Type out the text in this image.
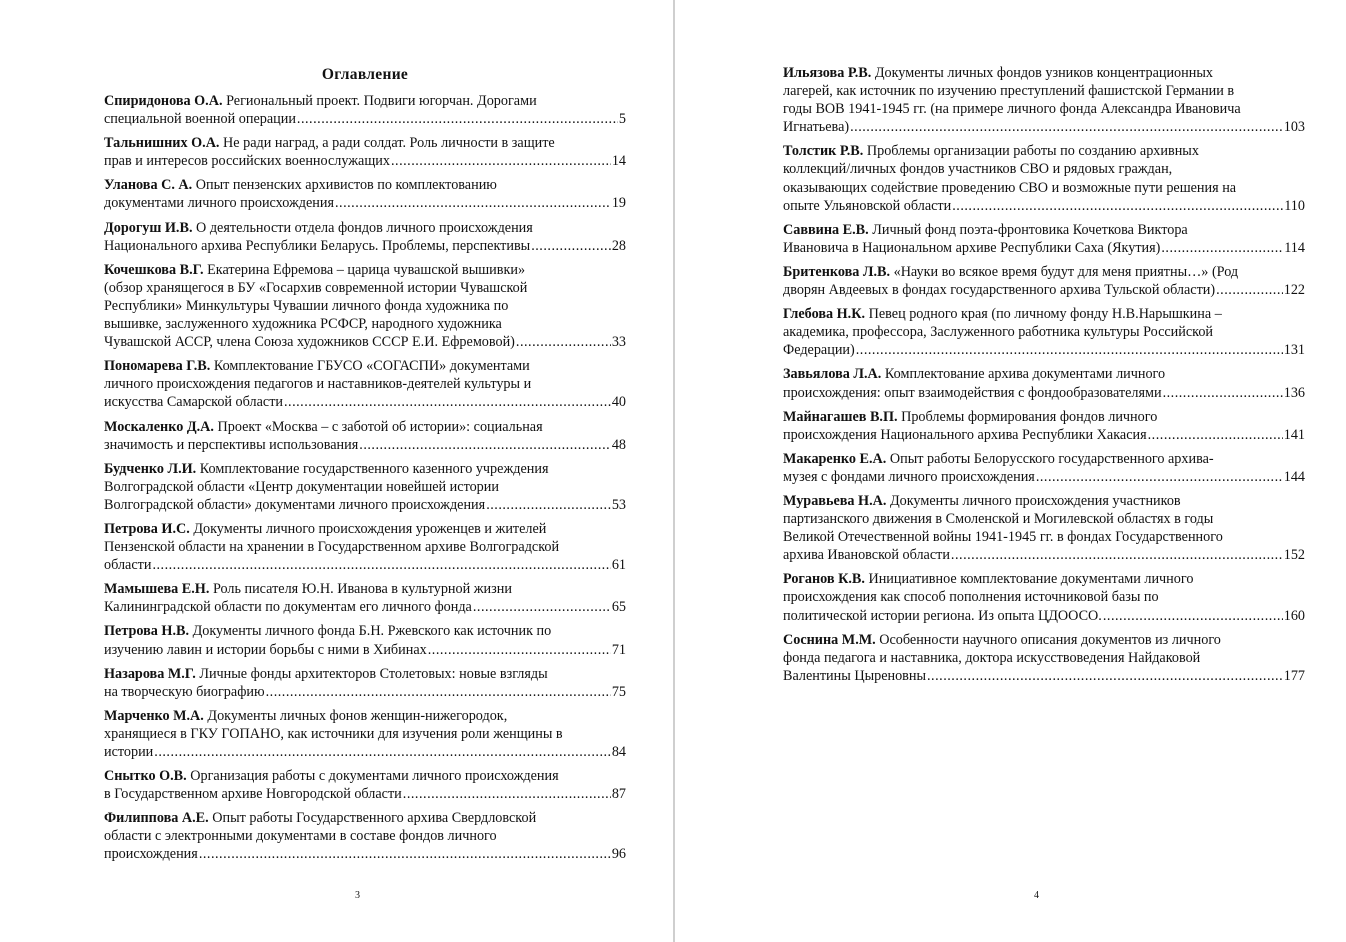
Оглавление
Спиридонова О.А. Региональный проект. Подвиги югорчан. Дорогами
специальной военной операции .....	5
Тальнишних О.А. Не ради наград, а ради солдат. Роль личности в защите
прав и интересов российских военнослужащих .....	14
Уланова С. А. Опыт пензенских архивистов по комплектованию
документами личного происхождения .....	19
Дорогуш И.В. О деятельности отдела фондов личного происхождения
Национального архива Республики Беларусь. Проблемы, перспективы .....	28
Кочешкова В.Г. Екатерина Ефремова – царица чувашской вышивки»
(обзор хранящегося в БУ «Госархив современной истории Чувашской
Республики» Минкультуры Чувашии личного фонда художника по
вышивке, заслуженного художника РСФСР, народного художника
Чувашской АССР, члена Союза художников СССР Е.И. Ефремовой) .....	33
Пономарева Г.В. Комплектование ГБУСО «СОГАСПИ» документами
личного происхождения педагогов и наставников-деятелей культуры и
искусства Самарской области .....	40
Москаленко Д.А. Проект «Москва – с заботой об истории»: социальная
значимость и перспективы использования .....	48
Будченко Л.И. Комплектование государственного казенного учреждения
Волгоградской области «Центр документации новейшей истории
Волгоградской области» документами личного происхождения .....	53
Петрова И.С. Документы личного происхождения уроженцев и жителей
Пензенской области на хранении в Государственном архиве Волгоградской
области .....	61
Мамышева Е.Н. Роль писателя Ю.Н. Иванова в культурной жизни
Калининградской области по документам его личного фонда .....	65
Петрова Н.В. Документы личного фонда Б.Н. Ржевского как источник по
изучению лавин и истории борьбы с ними в Хибинах .....	71
Назарова М.Г. Личные фонды архитекторов Столетовых: новые взгляды
на творческую биографию .....	75
Марченко М.А. Документы личных фонов женщин-нижегородок,
хранящиеся в ГКУ ГОПАНО, как источники для изучения роли женщины в
истории .....	84
Снытко О.В. Организация работы с документами личного происхождения
в Государственном архиве Новгородской области .....	87
Филиппова А.Е. Опыт работы Государственного архива Свердловской
области с электронными документами в составе фондов личного
происхождения .....	96
3
Ильязова Р.В. Документы личных фондов узников концентрационных
лагерей, как источник по изучению преступлений фашистской Германии в
годы ВОВ 1941-1945 гг. (на примере личного фонда Александра Ивановича
Игнатьева) .....	103
Толстик Р.В. Проблемы организации работы по созданию архивных
коллекций/личных фондов участников СВО и рядовых граждан,
оказывающих содействие проведению СВО и возможные пути решения на
опыте Ульяновской области .....	110
Саввина Е.В. Личный фонд поэта-фронтовика Кочеткова Виктора
Ивановича в Национальном архиве Республики Саха (Якутия) .....	114
Бритенкова Л.В. «Науки во всякое время будут для меня приятны…» (Род
дворян Авдеевых в фондах государственного архива Тульской области) .....	122
Глебова Н.К. Певец родного края (по личному фонду Н.В.Нарышкина –
академика, профессора, Заслуженного работника культуры Российской
Федерации) .....	131
Завьялова Л.А. Комплектование архива документами личного
происхождения: опыт взаимодействия с фондообразователями .....	136
Майнагашев В.П. Проблемы формирования фондов личного
происхождения Национального архива Республики Хакасия .....	141
Макаренко Е.А. Опыт работы Белорусского государственного архива-
музея с фондами личного происхождения .....	144
Муравьева Н.А. Документы личного происхождения участников
партизанского движения в Смоленской и Могилевской областях в годы
Великой Отечественной войны 1941-1945 гг. в фондах Государственного
архива Ивановской области .....	152
Роганов К.В. Инициативное комплектование документами личного
происхождения как способ пополнения источниковой базы по
политической истории региона. Из опыта ЦДООСО. .....	160
Соснина М.М. Особенности научного описания документов из личного
фонда педагога и наставника, доктора искусствоведения Найдаковой
Валентины Цыреновны .....	177
4
